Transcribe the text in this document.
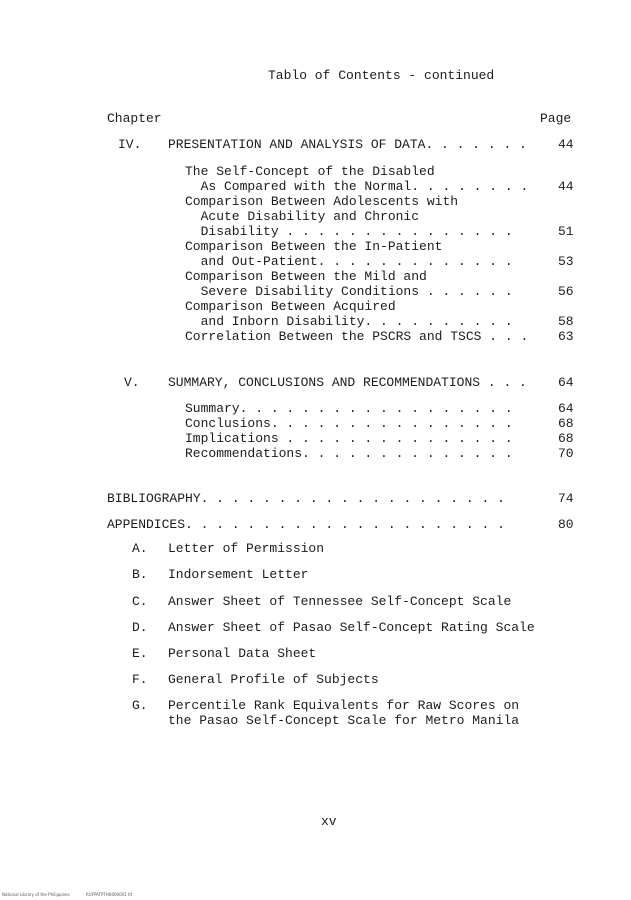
Tablo of Contents - continued
Chapter	Page
IV. PRESENTATION AND ANALYSIS OF DATA. . . . . . . 44
The Self-Concept of the Disabled
As Compared with the Normal. . . . . . . . 44
Comparison Between Adolescents with
Acute Disability and Chronic
Disability . . . . . . . . . . . . . . .	51
Comparison Between the In-Patient
and Out-Patient. . . . . . . . . . . . .	53
Comparison Between the Mild and
Severe Disability Conditions . . . . . .	56
Comparison Between Acquired
and Inborn Disability. . . . . . . . . .	58
Correlation Between the PSCRS and TSCS . . . 63
V. SUMMARY, CONCLUSIONS AND RECOMMENDATIONS . . . 64
Summary. . . . . . . . . . . . . . . . . .	64
Conclusions. . . . . . . . . . . . . . . .	68
Implications . . . . . . . . . . . . . . .	68
Recommendations. . . . . . . . . . . . . .	70
BIBLIOGRAPHY. . . . . . . . . . . . . . . . . . . .	74
APPENDICES. . . . . . . . . . . . . . . . . . . . .	80
A. Letter of Permission
B. Indorsement Letter
C. Answer Sheet of Tennessee Self-Concept Scale
D. Answer Sheet of Pasao Self-Concept Rating Scale
E. Personal Data Sheet
F. General Profile of Subjects
G. Percentile Rank Equivalents for Raw Scores on
the Pasao Self-Concept Scale for Metro Manila
xv
National Library of the Philippines	RUFPATPTH0000001 tif
